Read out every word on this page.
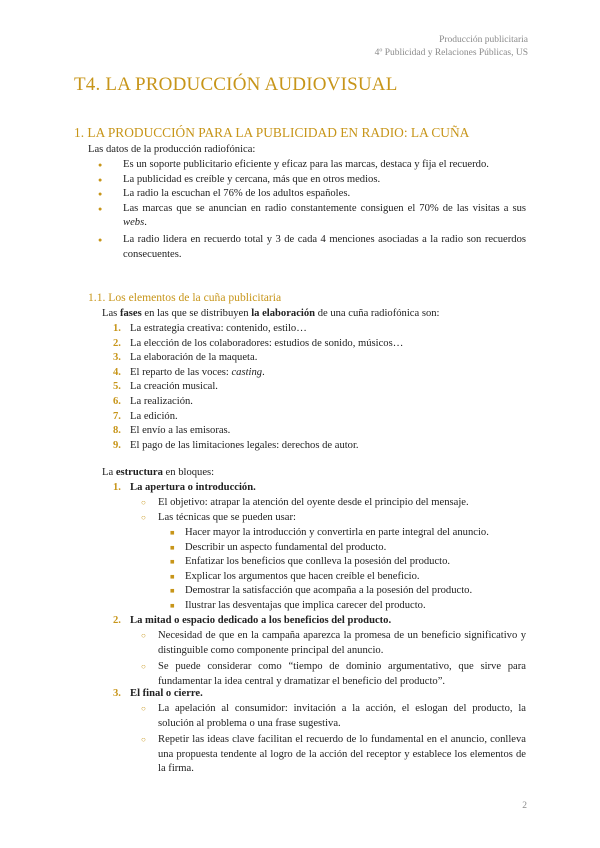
Producción publicitaria
4º Publicidad y Relaciones Públicas, US
T4. LA PRODUCCIÓN AUDIOVISUAL
1. LA PRODUCCIÓN PARA LA PUBLICIDAD EN RADIO: LA CUÑA
Las datos de la producción radiofónica:
● Es un soporte publicitario eficiente y eficaz para las marcas, destaca y fija el recuerdo.
● La publicidad es creíble y cercana, más que en otros medios.
● La radio la escuchan el 76% de los adultos españoles.
● Las marcas que se anuncian en radio constantemente consiguen el 70% de las visitas a sus webs.
● La radio lidera en recuerdo total y 3 de cada 4 menciones asociadas a la radio son recuerdos consecuentes.
1.1. Los elementos de la cuña publicitaria
Las fases en las que se distribuyen la elaboración de una cuña radiofónica son:
1. La estrategia creativa: contenido, estilo…
2. La elección de los colaboradores: estudios de sonido, músicos…
3. La elaboración de la maqueta.
4. El reparto de las voces: casting.
5. La creación musical.
6. La realización.
7. La edición.
8. El envío a las emisoras.
9. El pago de las limitaciones legales: derechos de autor.
La estructura en bloques:
1. La apertura o introducción.
○ El objetivo: atrapar la atención del oyente desde el principio del mensaje.
○ Las técnicas que se pueden usar:
■ Hacer mayor la introducción y convertirla en parte integral del anuncio.
■ Describir un aspecto fundamental del producto.
■ Enfatizar los beneficios que conlleva la posesión del producto.
■ Explicar los argumentos que hacen creíble el beneficio.
■ Demostrar la satisfacción que acompaña a la posesión del producto.
■ Ilustrar las desventajas que implica carecer del producto.
2. La mitad o espacio dedicado a los beneficios del producto.
○ Necesidad de que en la campaña aparezca la promesa de un beneficio significativo y distinguible como componente principal del anuncio.
○ Se puede considerar como “tiempo de dominio argumentativo, que sirve para fundamentar la idea central y dramatizar el beneficio del producto”.
3. El final o cierre.
○ La apelación al consumidor: invitación a la acción, el eslogan del producto, la solución al problema o una frase sugestiva.
○ Repetir las ideas clave facilitan el recuerdo de lo fundamental en el anuncio, conlleva una propuesta tendente al logro de la acción del receptor y establece los elementos de la firma.
2
